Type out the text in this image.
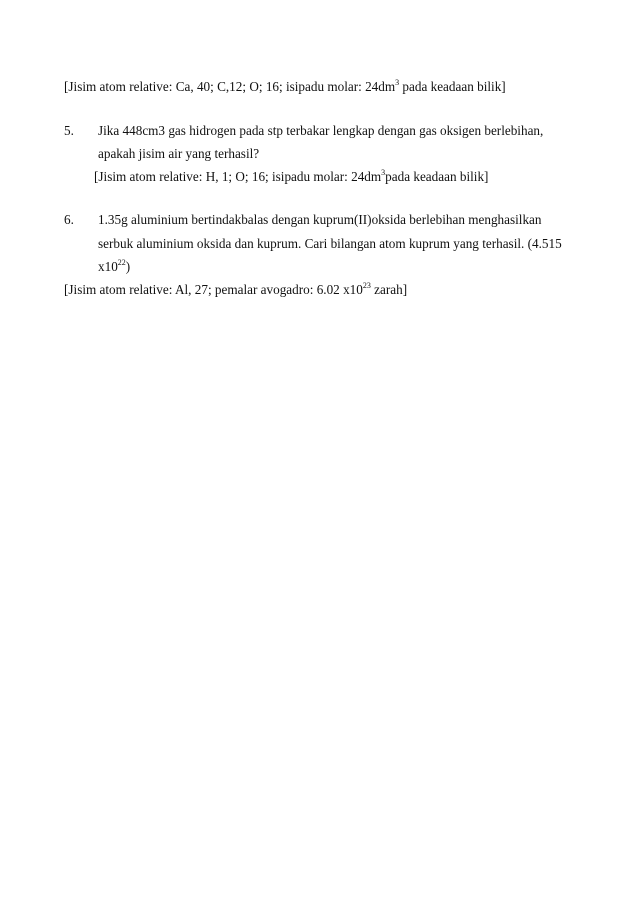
[Jisim atom relative: Ca, 40; C,12; O; 16; isipadu molar: $24dm^3$ pada keadaan bilik]
5. Jika 448cm3 gas hidrogen pada stp terbakar lengkap dengan gas oksigen berlebihan,
apakah jisim air yang terhasil?
[Jisim atom relative: H, 1; O; 16; isipadu molar: $24dm^3pada$ keadaan bilik]
6. 1.35g aluminium bertindakbalas dengan kuprum(II)oksida berlebihan menghasilkan
serbuk aluminium oksida dan kuprum. Cari bilangan atom kuprum yang terhasil. (4.515
$x10^{22}$)
[Jisim atom relative: Al, 27; pemalar avogadro: 6.02 $x10^{23}$ zarah]
